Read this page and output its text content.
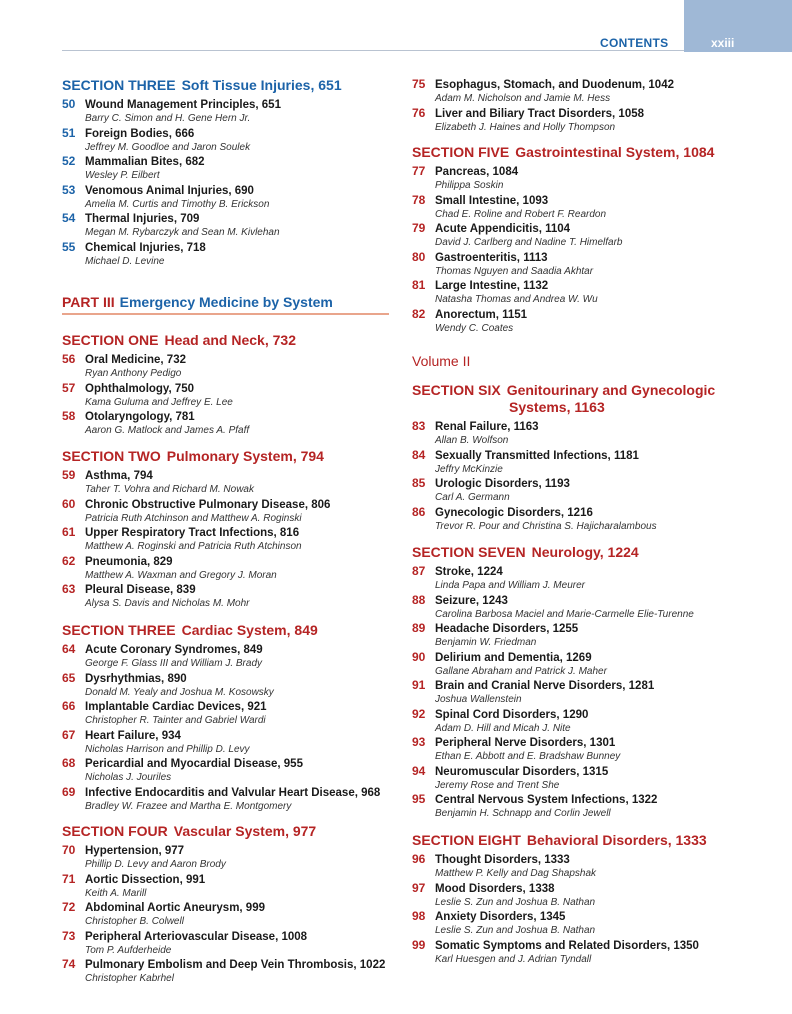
CONTENTS	xxiii
SECTION THREE Soft Tissue Injuries, 651
50 Wound Management Principles, 651
Barry C. Simon and H. Gene Hern Jr.
51 Foreign Bodies, 666
Jeffrey M. Goodloe and Jaron Soulek
52 Mammalian Bites, 682
Wesley P. Eilbert
53 Venomous Animal Injuries, 690
Amelia M. Curtis and Timothy B. Erickson
54 Thermal Injuries, 709
Megan M. Rybarczyk and Sean M. Kivlehan
55 Chemical Injuries, 718
Michael D. Levine
PART III Emergency Medicine by System
SECTION ONE Head and Neck, 732
56 Oral Medicine, 732
Ryan Anthony Pedigo
57 Ophthalmology, 750
Kama Guluma and Jeffrey E. Lee
58 Otolaryngology, 781
Aaron G. Matlock and James A. Pfaff
SECTION TWO Pulmonary System, 794
59 Asthma, 794
Taher T. Vohra and Richard M. Nowak
60 Chronic Obstructive Pulmonary Disease, 806
Patricia Ruth Atchinson and Matthew A. Roginski
61 Upper Respiratory Tract Infections, 816
Matthew A. Roginski and Patricia Ruth Atchinson
62 Pneumonia, 829
Matthew A. Waxman and Gregory J. Moran
63 Pleural Disease, 839
Alysa S. Davis and Nicholas M. Mohr
SECTION THREE Cardiac System, 849
64 Acute Coronary Syndromes, 849
George F. Glass III and William J. Brady
65 Dysrhythmias, 890
Donald M. Yealy and Joshua M. Kosowsky
66 Implantable Cardiac Devices, 921
Christopher R. Tainter and Gabriel Wardi
67 Heart Failure, 934
Nicholas Harrison and Phillip D. Levy
68 Pericardial and Myocardial Disease, 955
Nicholas J. Jouriles
69 Infective Endocarditis and Valvular Heart Disease, 968
Bradley W. Frazee and Martha E. Montgomery
SECTION FOUR Vascular System, 977
70 Hypertension, 977
Phillip D. Levy and Aaron Brody
71 Aortic Dissection, 991
Keith A. Marill
72 Abdominal Aortic Aneurysm, 999
Christopher B. Colwell
73 Peripheral Arteriovascular Disease, 1008
Tom P. Aufderheide
74 Pulmonary Embolism and Deep Vein Thrombosis, 1022
Christopher Kabrhel
75 Esophagus, Stomach, and Duodenum, 1042
Adam M. Nicholson and Jamie M. Hess
76 Liver and Biliary Tract Disorders, 1058
Elizabeth J. Haines and Holly Thompson
SECTION FIVE Gastrointestinal System, 1084
77 Pancreas, 1084
Philippa Soskin
78 Small Intestine, 1093
Chad E. Roline and Robert F. Reardon
79 Acute Appendicitis, 1104
David J. Carlberg and Nadine T. Himelfarb
80 Gastroenteritis, 1113
Thomas Nguyen and Saadia Akhtar
81 Large Intestine, 1132
Natasha Thomas and Andrea W. Wu
82 Anorectum, 1151
Wendy C. Coates
Volume II
SECTION SIX Genitourinary and Gynecologic
Systems, 1163
83 Renal Failure, 1163
Allan B. Wolfson
84 Sexually Transmitted Infections, 1181
Jeffry McKinzie
85 Urologic Disorders, 1193
Carl A. Germann
86 Gynecologic Disorders, 1216
Trevor R. Pour and Christina S. Hajicharalambous
SECTION SEVEN Neurology, 1224
87 Stroke, 1224
Linda Papa and William J. Meurer
88 Seizure, 1243
Carolina Barbosa Maciel and Marie-Carmelle Elie-Turenne
89 Headache Disorders, 1255
Benjamin W. Friedman
90 Delirium and Dementia, 1269
Gallane Abraham and Patrick J. Maher
91 Brain and Cranial Nerve Disorders, 1281
Joshua Wallenstein
92 Spinal Cord Disorders, 1290
Adam D. Hill and Micah J. Nite
93 Peripheral Nerve Disorders, 1301
Ethan E. Abbott and E. Bradshaw Bunney
94 Neuromuscular Disorders, 1315
Jeremy Rose and Trent She
95 Central Nervous System Infections, 1322
Benjamin H. Schnapp and Corlin Jewell
SECTION EIGHT Behavioral Disorders, 1333
96 Thought Disorders, 1333
Matthew P. Kelly and Dag Shapshak
97 Mood Disorders, 1338
Leslie S. Zun and Joshua B. Nathan
98 Anxiety Disorders, 1345
Leslie S. Zun and Joshua B. Nathan
99 Somatic Symptoms and Related Disorders, 1350
Karl Huesgen and J. Adrian Tyndall
